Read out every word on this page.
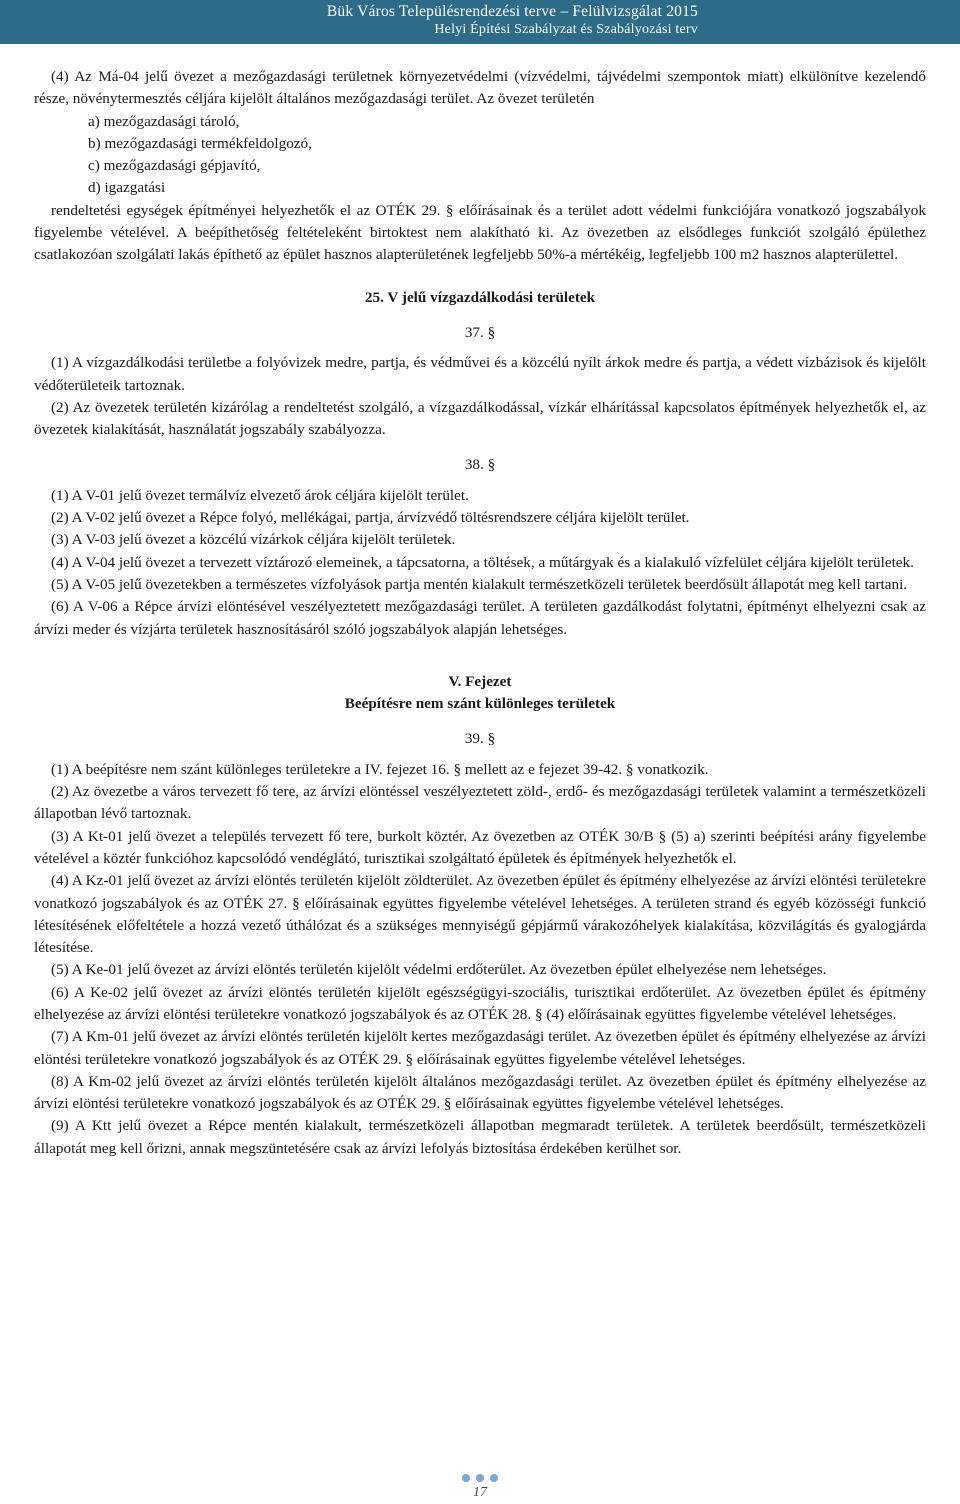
Bük Város Településrendezési terve – Felülvizsgálat 2015
Helyi Építési Szabályzat és Szabályozási terv

(4) Az Má-04 jelű övezet a mezőgazdasági területnek környezetvédelmi (vízvédelmi, tájvédelmi szempontok miatt) elkülönítve kezelendő része, növénytermesztés céljára kijelölt általános mezőgazdasági terület. Az övezet területén

a) mezőgazdasági tároló,
b) mezőgazdasági termékfeldolgozó,
c) mezőgazdasági gépjavító,
d) igazgatási

rendeltetési egységek építményei helyezhetők el az OTÉK 29. § előírásainak és a terület adott védelmi funkciójára vonatkozó jogszabályok figyelembe vételével. A beépíthetőség feltételeként birtoktest nem alakítható ki. Az övezetben az elsődleges funkciót szolgáló épülethez csatlakozóan szolgálati lakás építhető az épület hasznos alapterületének legfeljebb 50%-a mértékéig, legfeljebb 100 m2 hasznos alapterülettel.

25. V jelű vízgazdálkodási területek

37. §

(1) A vízgazdálkodási területbe a folyóvizek medre, partja, és védművei és a közcélú nyílt árkok medre és partja, a védett vízbázisok és kijelölt védőterületeik tartoznak.

(2) Az övezetek területén kizárólag a rendeltetést szolgáló, a vízgazdálkodással, vízkár elhárítással kapcsolatos építmények helyezhetők el, az övezetek kialakítását, használatát jogszabály szabályozza.

38. §

(1) A V-01 jelű övezet termálvíz elvezető árok céljára kijelölt terület.

(2) A V-02 jelű övezet a Répce folyó, mellékágai, partja, árvízvédő töltésrendszere céljára kijelölt terület.

(3) A V-03 jelű övezet a közcélú vízárkok céljára kijelölt területek.

(4) A V-04 jelű övezet a tervezett víztározó elemeinek, a tápcsatorna, a töltések, a műtárgyak és a kialakuló vízfelület céljára kijelölt területek.

(5) A V-05 jelű övezetekben a természetes vízfolyások partja mentén kialakult természetközeli területek beerdősült állapotát meg kell tartani.

(6) A V-06 a Répce árvízi elöntésével veszélyeztetett mezőgazdasági terület. A területen gazdálkodást folytatni, építményt elhelyezni csak az árvízi meder és vízjárta területek hasznosításáról szóló jogszabályok alapján lehetséges.

V. Fejezet

Beépítésre nem szánt különleges területek

39. §

(1) A beépítésre nem szánt különleges területekre a IV. fejezet 16. § mellett az e fejezet 39-42. § vonatkozik.

(2) Az övezetbe a város tervezett fő tere, az árvízi elöntéssel veszélyeztetett zöld-, erdő- és mezőgazdasági területek valamint a természetközeli állapotban lévő tartoznak.

(3) A Kt-01 jelű övezet a település tervezett fő tere, burkolt köztér. Az övezetben az OTÉK 30/B § (5) a) szerinti beépítési arány figyelembe vételével a köztér funkcióhoz kapcsolódó vendéglátó, turisztikai szolgáltató épületek és építmények helyezhetők el.

(4) A Kz-01 jelű övezet az árvízi elöntés területén kijelölt zöldterület. Az övezetben épület és építmény elhelyezése az árvízi elöntési területekre vonatkozó jogszabályok és az OTÉK 27. § előírásainak együttes figyelembe vételével lehetséges. A területen strand és egyéb közösségi funkció létesítésének előfeltétele a hozzá vezető úthálózat és a szükséges mennyiségű gépjármű várakozóhelyek kialakítása, közvilágítás és gyalogjárda létesítése.

(5) A Ke-01 jelű övezet az árvízi elöntés területén kijelölt védelmi erdőterület. Az övezetben épület elhelyezése nem lehetséges.

(6) A Ke-02 jelű övezet az árvízi elöntés területén kijelölt egészségügyi-szociális, turisztikai erdőterület. Az övezetben épület és építmény elhelyezése az árvízi elöntési területekre vonatkozó jogszabályok és az OTÉK 28. § (4) előírásainak együttes figyelembe vételével lehetséges.

(7) A Km-01 jelű övezet az árvízi elöntés területén kijelölt kertes mezőgazdasági terület. Az övezetben épület és építmény elhelyezése az árvízi elöntési területekre vonatkozó jogszabályok és az OTÉK 29. § előírásainak együttes figyelembe vételével lehetséges.

(8) A Km-02 jelű övezet az árvízi elöntés területén kijelölt általános mezőgazdasági terület. Az övezetben épület és építmény elhelyezése az árvízi elöntési területekre vonatkozó jogszabályok és az OTÉK 29. § előírásainak együttes figyelembe vételével lehetséges.

(9) A Ktt jelű övezet a Répce mentén kialakult, természetközeli állapotban megmaradt területek. A területek beerdősült, természetközeli állapotát meg kell őrizni, annak megszüntetésére csak az árvízi lefolyás biztosítása érdekében kerülhet sor.

17
